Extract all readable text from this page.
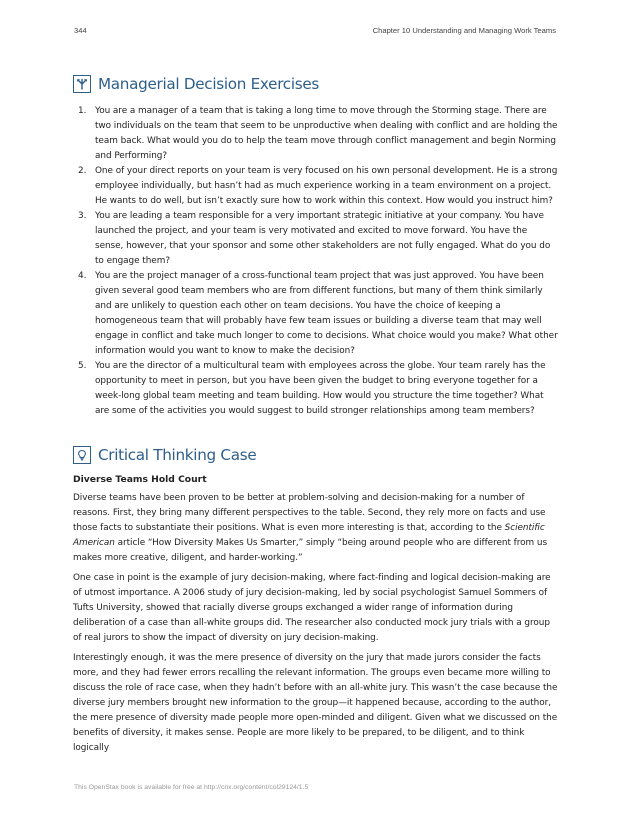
344	Chapter 10 Understanding and Managing Work Teams
Managerial Decision Exercises
1. You are a manager of a team that is taking a long time to move through the Storming stage. There are two individuals on the team that seem to be unproductive when dealing with conflict and are holding the team back. What would you do to help the team move through conflict management and begin Norming and Performing?
2. One of your direct reports on your team is very focused on his own personal development. He is a strong employee individually, but hasn’t had as much experience working in a team environment on a project. He wants to do well, but isn’t exactly sure how to work within this context. How would you instruct him?
3. You are leading a team responsible for a very important strategic initiative at your company. You have launched the project, and your team is very motivated and excited to move forward. You have the sense, however, that your sponsor and some other stakeholders are not fully engaged. What do you do to engage them?
4. You are the project manager of a cross-functional team project that was just approved. You have been given several good team members who are from different functions, but many of them think similarly and are unlikely to question each other on team decisions. You have the choice of keeping a homogeneous team that will probably have few team issues or building a diverse team that may well engage in conflict and take much longer to come to decisions. What choice would you make? What other information would you want to know to make the decision?
5. You are the director of a multicultural team with employees across the globe. Your team rarely has the opportunity to meet in person, but you have been given the budget to bring everyone together for a week-long global team meeting and team building. How would you structure the time together? What are some of the activities you would suggest to build stronger relationships among team members?
Critical Thinking Case
Diverse Teams Hold Court

Diverse teams have been proven to be better at problem-solving and decision-making for a number of reasons. First, they bring many different perspectives to the table. Second, they rely more on facts and use those facts to substantiate their positions. What is even more interesting is that, according to the Scientific American article “How Diversity Makes Us Smarter,” simply “being around people who are different from us makes more creative, diligent, and harder-working.”

One case in point is the example of jury decision-making, where fact-finding and logical decision-making are of utmost importance. A 2006 study of jury decision-making, led by social psychologist Samuel Sommers of Tufts University, showed that racially diverse groups exchanged a wider range of information during deliberation of a case than all-white groups did. The researcher also conducted mock jury trials with a group of real jurors to show the impact of diversity on jury decision-making.

Interestingly enough, it was the mere presence of diversity on the jury that made jurors consider the facts more, and they had fewer errors recalling the relevant information. The groups even became more willing to discuss the role of race case, when they hadn’t before with an all-white jury. This wasn’t the case because the diverse jury members brought new information to the group—it happened because, according to the author, the mere presence of diversity made people more open-minded and diligent. Given what we discussed on the benefits of diversity, it makes sense. People are more likely to be prepared, to be diligent, and to think logically

This OpenStax book is available for free at http://cnx.org/content/col29124/1.5
